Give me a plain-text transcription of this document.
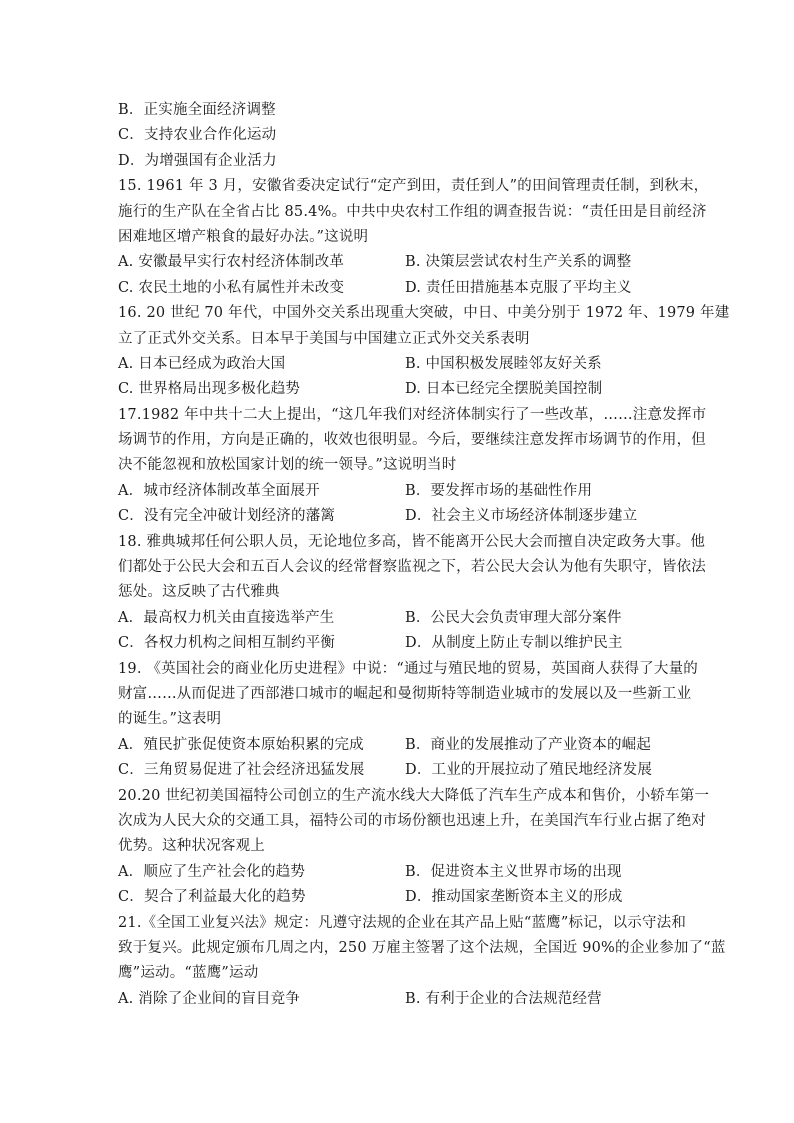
B．正实施全面经济调整
C．支持农业合作化运动
D．为增强国有企业活力
15. 1961 年 3 月，安徽省委决定试行“定产到田，责任到人”的田间管理责任制，到秋末，
施行的生产队在全省占比 85.4%。中共中央农村工作组的调查报告说：“责任田是目前经济
困难地区增产粮食的最好办法。”这说明
A. 安徽最早实行农村经济体制改革	B. 决策层尝试农村生产关系的调整
C. 农民土地的小私有属性并未改变	D. 责任田措施基本克服了平均主义
16. 20 世纪 70 年代，中国外交关系出现重大突破，中日、中美分别于 1972 年、1979 年建
立了正式外交关系。日本早于美国与中国建立正式外交关系表明
A. 日本已经成为政治大国	B. 中国积极发展睦邻友好关系
C. 世界格局出现多极化趋势	D. 日本已经完全摆脱美国控制
17.1982 年中共十二大上提出，“这几年我们对经济体制实行了一些改革，……注意发挥市
场调节的作用，方向是正确的，收效也很明显。今后，要继续注意发挥市场调节的作用，但
决不能忽视和放松国家计划的统一领导。”这说明当时
A．城市经济体制改革全面展开	B．要发挥市场的基础性作用
C．没有完全冲破计划经济的藩篱	D．社会主义市场经济体制逐步建立
18. 雅典城邦任何公职人员，无论地位多高，皆不能离开公民大会而擅自决定政务大事。他
们都处于公民大会和五百人会议的经常督察监视之下，若公民大会认为他有失职守，皆依法
惩处。这反映了古代雅典
A．最高权力机关由直接选举产生	B．公民大会负责审理大部分案件
C．各权力机构之间相互制约平衡	D．从制度上防止专制以维护民主
19. 《英国社会的商业化历史进程》中说：“通过与殖民地的贸易，英国商人获得了大量的
财富……从而促进了西部港口城市的崛起和曼彻斯特等制造业城市的发展以及一些新工业
的诞生。”这表明
A．殖民扩张促使资本原始积累的完成	B．商业的发展推动了产业资本的崛起
C．三角贸易促进了社会经济迅猛发展	D．工业的开展拉动了殖民地经济发展
20.20 世纪初美国福特公司创立的生产流水线大大降低了汽车生产成本和售价，小轿车第一
次成为人民大众的交通工具，福特公司的市场份额也迅速上升，在美国汽车行业占据了绝对
优势。这种状况客观上
A．顺应了生产社会化的趋势	B．促进资本主义世界市场的出现
C．契合了利益最大化的趋势	D．推动国家垄断资本主义的形成
21.《全国工业复兴法》规定：凡遵守法规的企业在其产品上贴“蓝鹰”标记，以示守法和
致于复兴。此规定颁布几周之内，250 万雇主签署了这个法规，全国近 90%的企业参加了“蓝
鹰”运动。“蓝鹰”运动
A. 消除了企业间的盲目竞争	B. 有利于企业的合法规范经营
